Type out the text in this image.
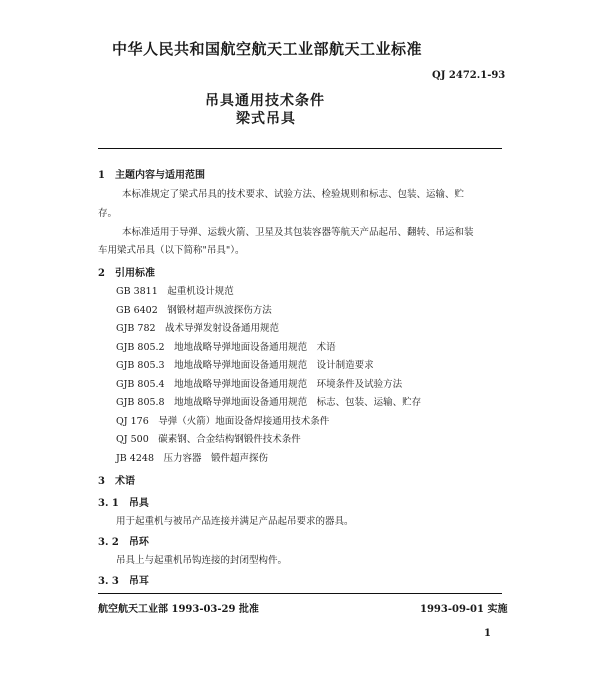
中华人民共和国航空航天工业部航天工业标准
QJ 2472.1-93
吊具通用技术条件
梁式吊具
1　主题内容与适用范围
本标准规定了梁式吊具的技术要求、试验方法、检验规则和标志、包装、运输、贮
存。
本标准适用于导弹、运载火箭、卫星及其包装容器等航天产品起吊、翻转、吊运和装
车用梁式吊具（以下简称"吊具"）。
2　引用标准
GB 3811　起重机设计规范
GB 6402　钢锻材超声纵波探伤方法
GJB 782　战术导弹发射设备通用规范
GJB 805.2　地地战略导弹地面设备通用规范　术语
GJB 805.3　地地战略导弹地面设备通用规范　设计制造要求
GJB 805.4　地地战略导弹地面设备通用规范　环境条件及试验方法
GJB 805.8　地地战略导弹地面设备通用规范　标志、包装、运输、贮存
QJ 176　导弹（火箭）地面设备焊接通用技术条件
QJ 500　碳素钢、合金结构钢锻件技术条件
JB 4248　压力容器　锻件超声探伤
3　术语
3. 1　吊具
用于起重机与被吊产品连接并满足产品起吊要求的器具。
3. 2　吊环
吊具上与起重机吊钩连接的封闭型构件。
3. 3　吊耳
航空航天工业部 1993-03-29 批准	1993-09-01 实施
1
